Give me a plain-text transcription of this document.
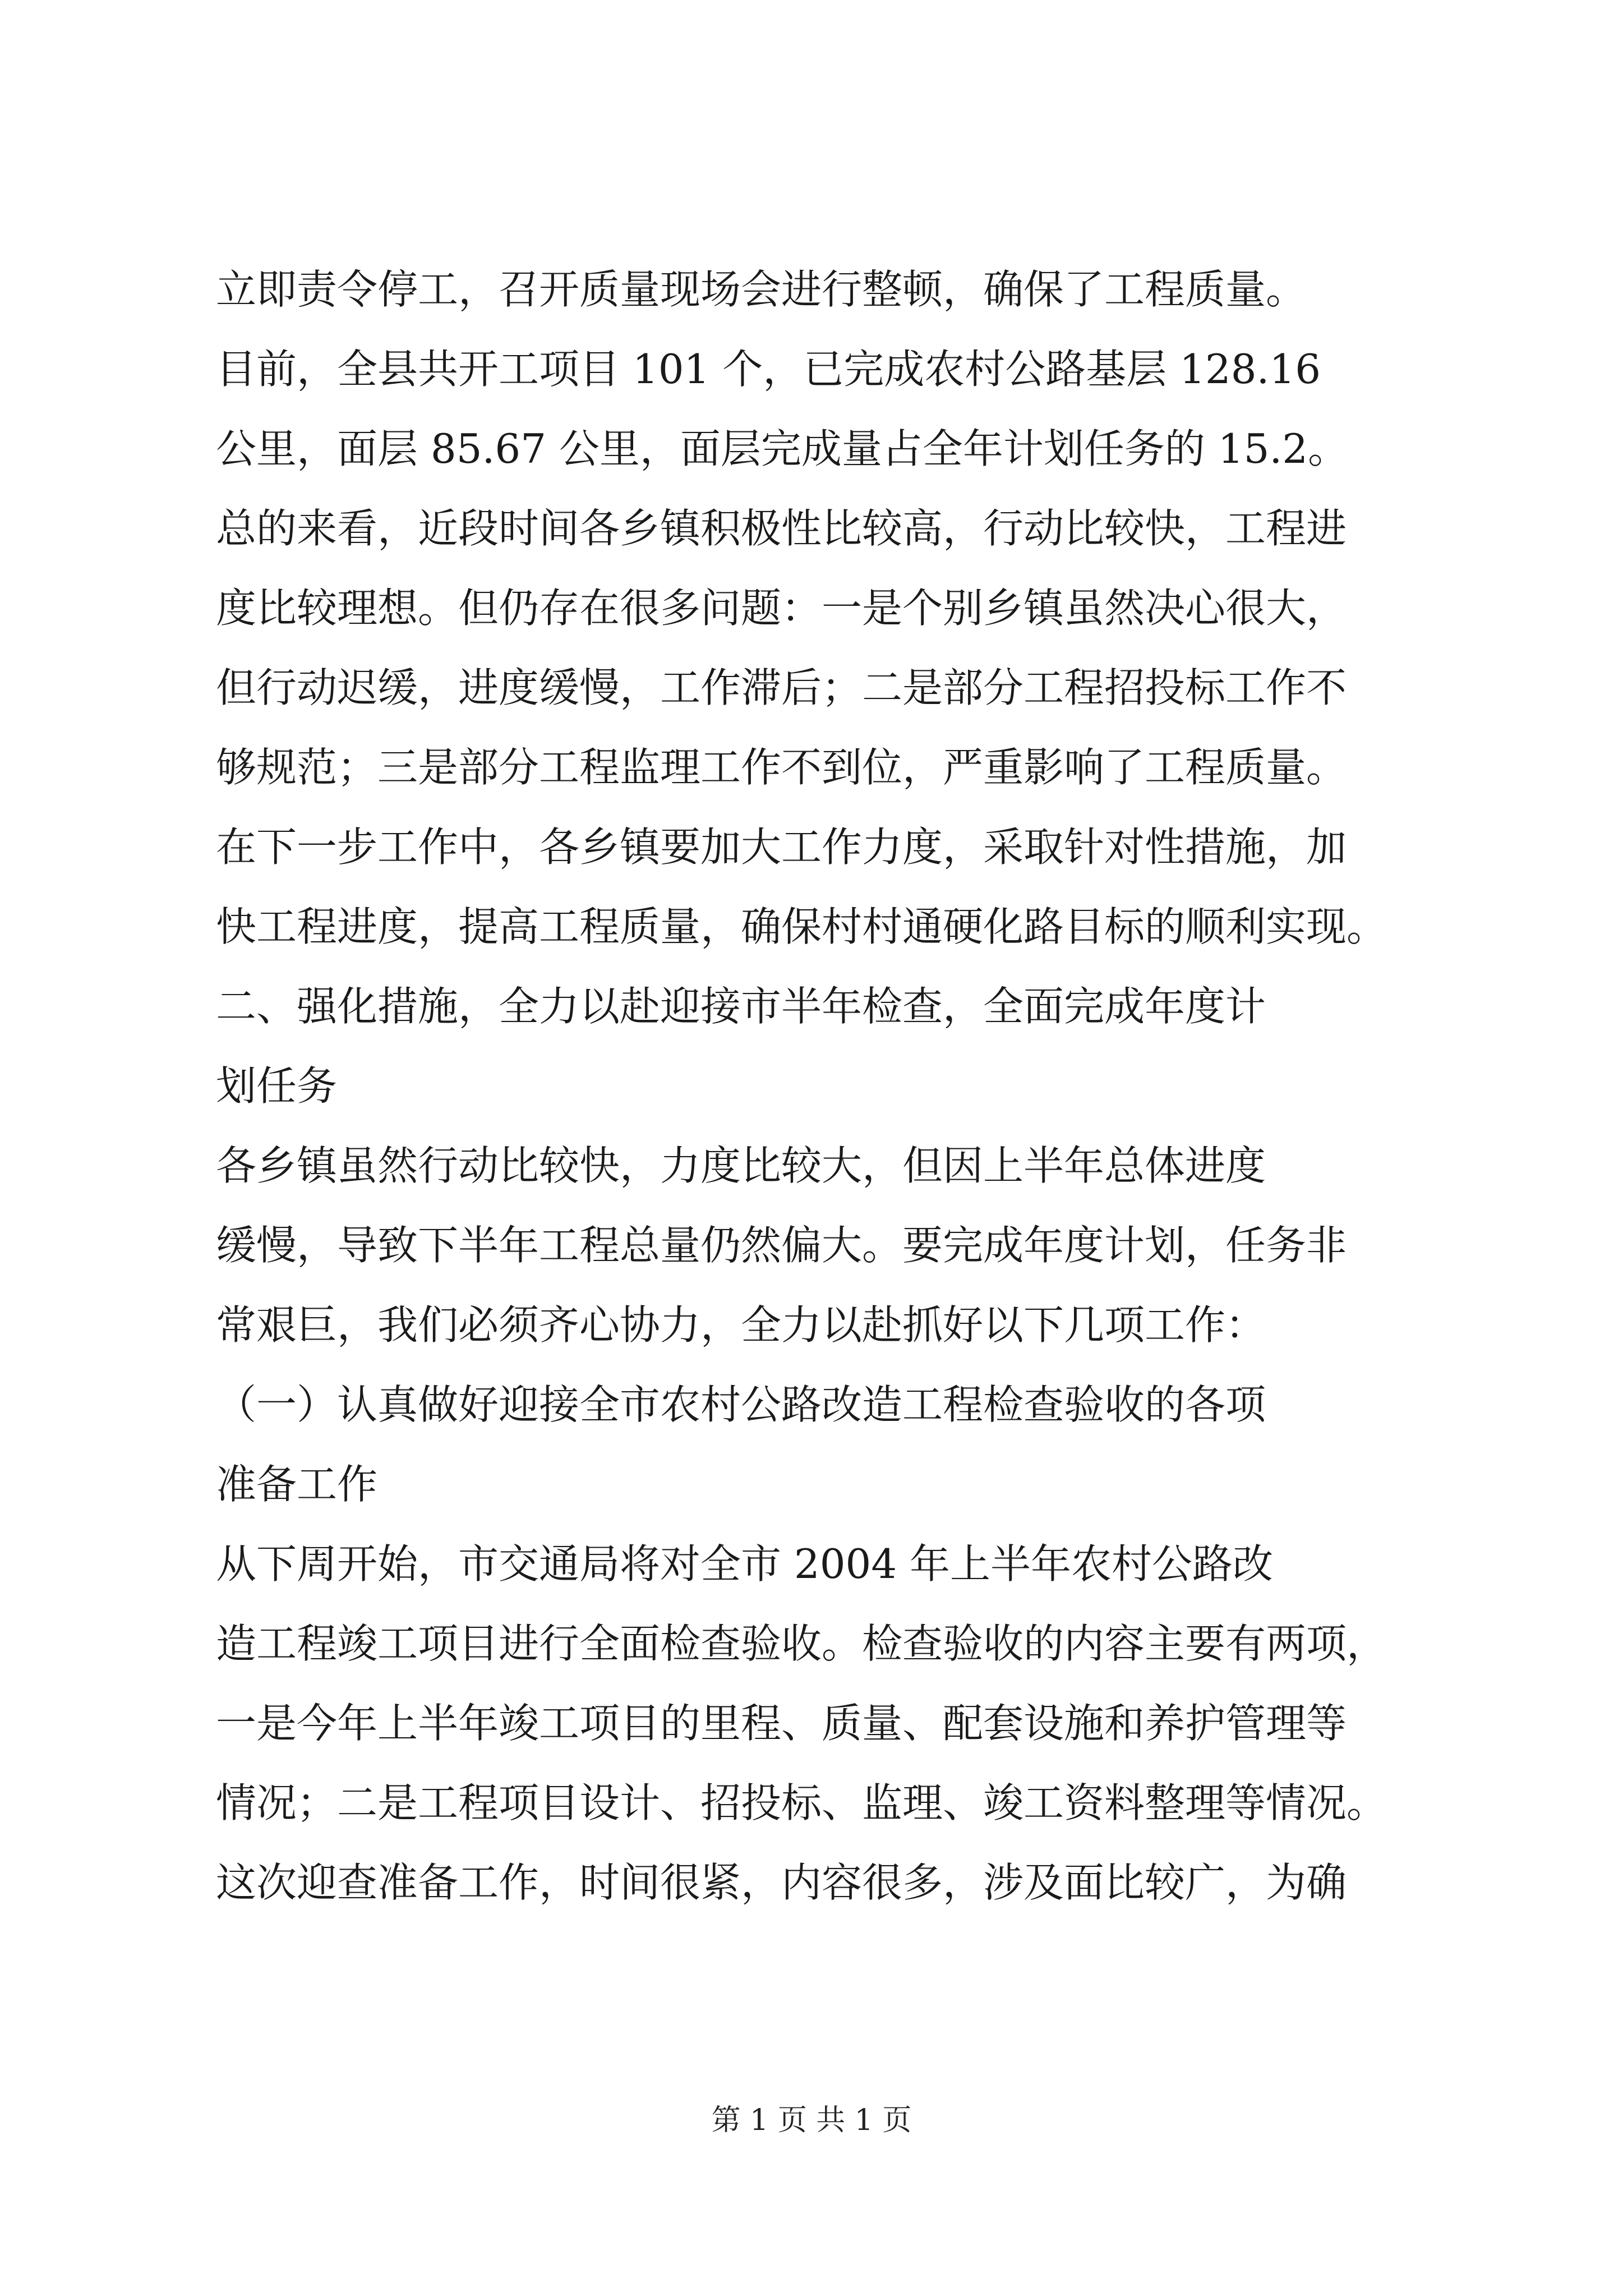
立即责令停工，召开质量现场会进行整顿，确保了工程质量。
目前，全县共开工项目 101 个，已完成农村公路基层 128.16
公里，面层 85.67 公里，面层完成量占全年计划任务的 15.2。
总的来看，近段时间各乡镇积极性比较高，行动比较快，工程进
度比较理想。但仍存在很多问题：一是个别乡镇虽然决心很大，
但行动迟缓，进度缓慢，工作滞后；二是部分工程招投标工作不
够规范；三是部分工程监理工作不到位，严重影响了工程质量。
在下一步工作中，各乡镇要加大工作力度，采取针对性措施，加
快工程进度，提高工程质量，确保村村通硬化路目标的顺利实现。
二、强化措施，全力以赴迎接市半年检查，全面完成年度计
划任务
各乡镇虽然行动比较快，力度比较大，但因上半年总体进度
缓慢，导致下半年工程总量仍然偏大。要完成年度计划，任务非
常艰巨，我们必须齐心协力，全力以赴抓好以下几项工作：
（一）认真做好迎接全市农村公路改造工程检查验收的各项
准备工作
从下周开始，市交通局将对全市 2004 年上半年农村公路改
造工程竣工项目进行全面检查验收。检查验收的内容主要有两项，
一是今年上半年竣工项目的里程、质量、配套设施和养护管理等
情况；二是工程项目设计、招投标、监理、竣工资料整理等情况。
这次迎查准备工作，时间很紧，内容很多，涉及面比较广，为确
第 1 页 共 1 页
